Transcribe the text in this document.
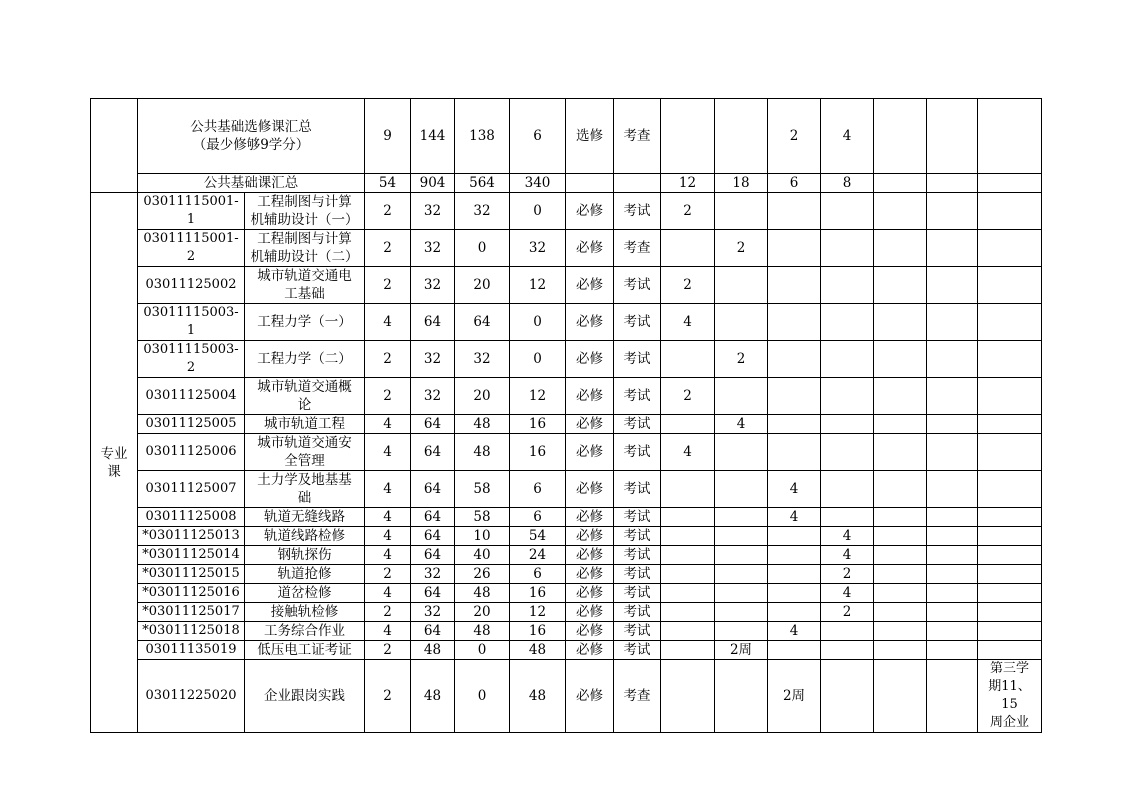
	公共基础选修课汇总
（最少修够9学分）		9	144	138	6	选修	考查			2	4			
	公共基础课汇总		54	904	564	340			12	18	6	8			
专业
课	03011115001-1	工程制图与计算
机辅助设计（一）	2	32	32	0	必修	考试	2						
	03011115001-2	工程制图与计算
机辅助设计（二）	2	32	0	32	必修	考查		2					
	03011125002	城市轨道交通电
工基础	2	32	20	12	必修	考试	2						
	03011115003-1	工程力学（一）	4	64	64	0	必修	考试	4						
	03011115003-2	工程力学（二）	2	32	32	0	必修	考试		2					
	03011125004	城市轨道交通概
论	2	32	20	12	必修	考试	2						
	03011125005	城市轨道工程	4	64	48	16	必修	考试		4					
	03011125006	城市轨道交通安
全管理	4	64	48	16	必修	考试	4						
	03011125007	土力学及地基基
础	4	64	58	6	必修	考试			4				
	03011125008	轨道无缝线路	4	64	58	6	必修	考试			4				
	*03011125013	轨道线路检修	4	64	10	54	必修	考试				4			
	*03011125014	钢轨探伤	4	64	40	24	必修	考试				4			
	*03011125015	轨道抢修	2	32	26	6	必修	考试				2			
	*03011125016	道岔检修	4	64	48	16	必修	考试				4			
	*03011125017	接触轨检修	2	32	20	12	必修	考试				2			
	*03011125018	工务综合作业	4	64	48	16	必修	考试			4				
	03011135019	低压电工证考证	2	48	0	48	必修	考试		2周					
	03011225020	企业跟岗实践	2	48	0	48	必修	考查			2周				第三学
期11、15
周企业
